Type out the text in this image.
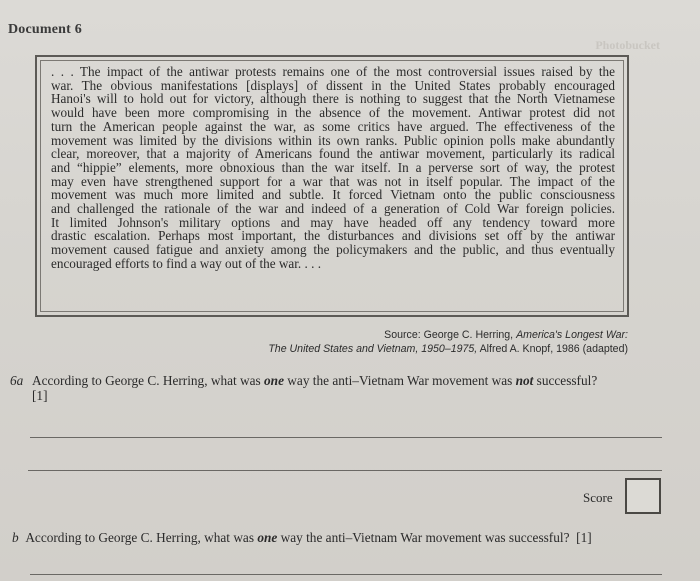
Document 6
Photobucket
. . . The impact of the antiwar protests remains one of the most controversial issues raised by the
war. The obvious manifestations [displays] of dissent in the United States probably encouraged
Hanoi's will to hold out for victory, although there is nothing to suggest that the North Vietnamese
would have been more compromising in the absence of the movement. Antiwar protest did not
turn the American people against the war, as some critics have argued. The effectiveness of the
movement was limited by the divisions within its own ranks. Public opinion polls make abundantly
clear, moreover, that a majority of Americans found the antiwar movement, particularly its radical
and “hippie” elements, more obnoxious than the war itself. In a perverse sort of way, the protest
may even have strengthened support for a war that was not in itself popular. The impact of the
movement was much more limited and subtle. It forced Vietnam onto the public consciousness
and challenged the rationale of the war and indeed of a generation of Cold War foreign policies.
It limited Johnson's military options and may have headed off any tendency toward more
drastic escalation. Perhaps most important, the disturbances and divisions set off by the antiwar
movement caused fatigue and anxiety among the policymakers and the public, and thus eventually
encouraged efforts to find a way out of the war. . . .
Source: George C. Herring, America's Longest War:
The United States and Vietnam, 1950–1975, Alfred A. Knopf, 1986 (adapted)
6a According to George C. Herring, what was one way the anti–Vietnam War movement was not successful?
[1]
Score
b According to George C. Herring, what was one way the anti–Vietnam War movement was successful? [1]
